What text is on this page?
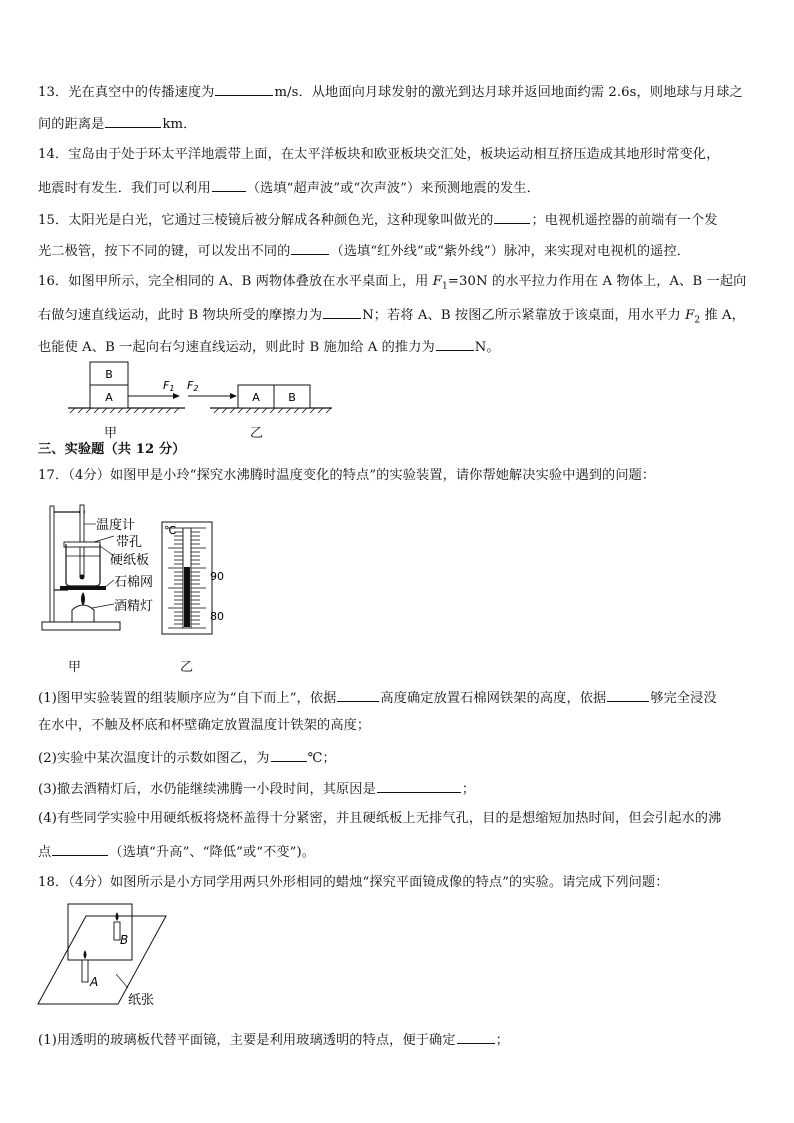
13．光在真空中的传播速度为	m/s．从地面向月球发射的激光到达月球并返回地面约需 2.6s，则地球与月球之
间的距离是	km．
14．宝岛由于处于环太平洋地震带上面，在太平洋板块和欧亚板块交汇处，板块运动相互挤压造成其地形时常变化，
地震时有发生．我们可以利用	（选填“超声波”或“次声波”）来预测地震的发生．
15．太阳光是白光，它通过三棱镜后被分解成各种颜色光，这种现象叫做光的	；电视机遥控器的前端有一个发
光二极管，按下不同的键，可以发出不同的	（选填“红外线”或“紫外线”）脉冲，来实现对电视机的遥控．
16．如图甲所示，完全相同的 A、B 两物体叠放在水平桌面上，用 $F_1=30N$ 的水平拉力作用在 A 物体上，A、B 一起向
右做匀速直线运动，此时 B 物块所受的摩擦力为	N；若将 A、B 按图乙所示紧靠放于该桌面，用水平力 $F_2$ 推 A，
也能使 A、B 一起向右匀速直线运动，则此时 B 施加给 A 的推力为	N。
B
A
F1 F2
A	B
甲	乙
三、实验题（共 12 分）
17．（4分）如图甲是小玲“探究水沸腾时温度变化的特点”的实验装置，请你帮她解决实验中遇到的问题：
温度计
带孔
硬纸板
石棉网
酒精灯
℃
90
80
甲	乙
(1)图甲实验装置的组装顺序应为“自下而上”，依据	高度确定放置石棉网铁架的高度，依据	够完全浸没
在水中，不触及杯底和杯壁确定放置温度计铁架的高度；
(2)实验中某次温度计的示数如图乙，为	℃；
(3)撤去酒精灯后，水仍能继续沸腾一小段时间，其原因是	；
(4)有些同学实验中用硬纸板将烧杯盖得十分紧密，并且硬纸板上无排气孔，目的是想缩短加热时间，但会引起水的沸
点	（选填“升高”、“降低”或“不变”)。
18．（4分）如图所示是小方同学用两只外形相同的蜡烛“探究平面镜成像的特点”的实验。请完成下列问题：
B
A
纸张
(1)用透明的玻璃板代替平面镜，主要是利用玻璃透明的特点，便于确定	；
